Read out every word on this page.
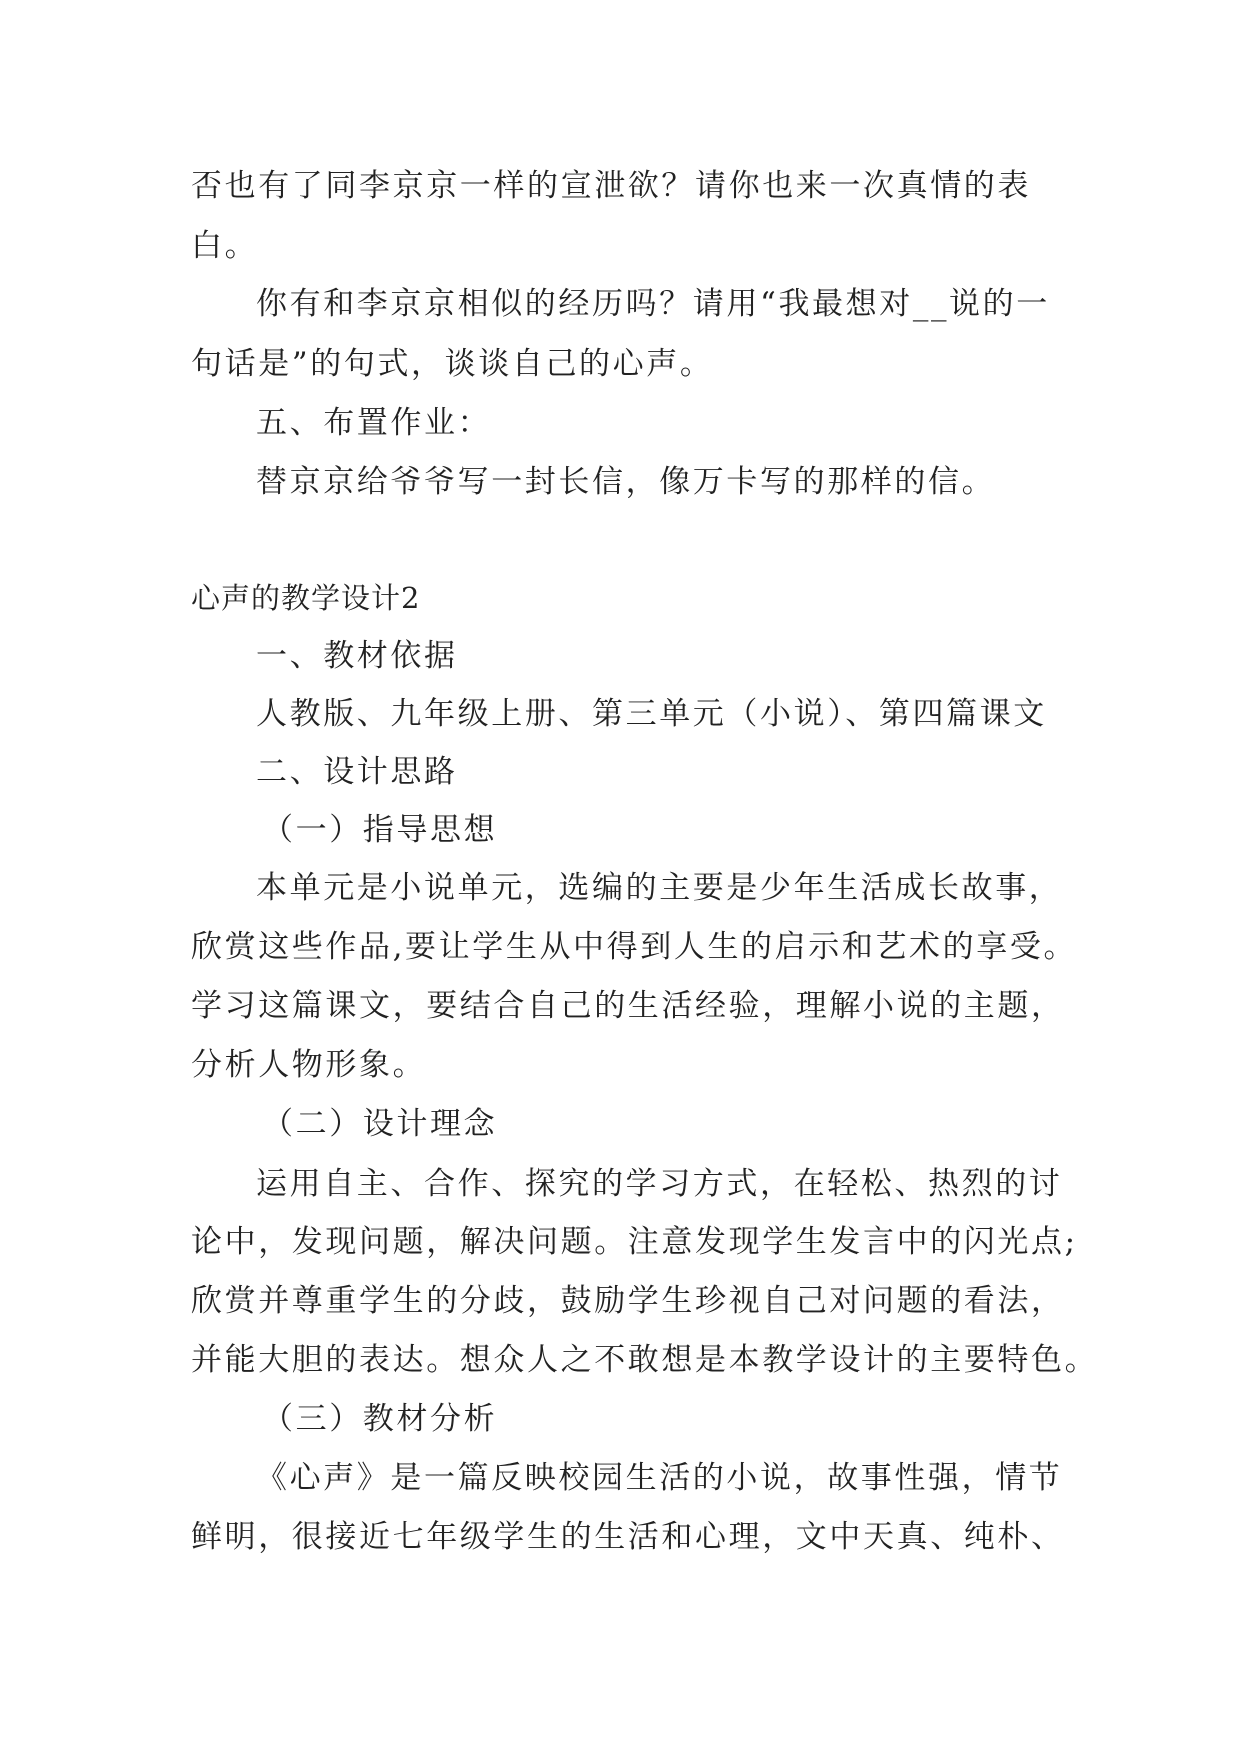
否也有了同李京京一样的宣泄欲？请你也来一次真情的表
白。
你有和李京京相似的经历吗？请用“我最想对__说的一
句话是”的句式，谈谈自己的心声。
五、布置作业：
替京京给爷爷写一封长信，像万卡写的那样的信。
心声的教学设计2
一、教材依据
人教版、九年级上册、第三单元（小说）、第四篇课文
二、设计思路
（一）指导思想
本单元是小说单元，选编的主要是少年生活成长故事，
欣赏这些作品,要让学生从中得到人生的启示和艺术的享受。
学习这篇课文，要结合自己的生活经验，理解小说的主题，
分析人物形象。
（二）设计理念
运用自主、合作、探究的学习方式，在轻松、热烈的讨
论中，发现问题，解决问题。注意发现学生发言中的闪光点;
欣赏并尊重学生的分歧，鼓励学生珍视自己对问题的看法，
并能大胆的表达。想众人之不敢想是本教学设计的主要特色。
（三）教材分析
《心声》是一篇反映校园生活的小说，故事性强，情节
鲜明，很接近七年级学生的生活和心理，文中天真、纯朴、
